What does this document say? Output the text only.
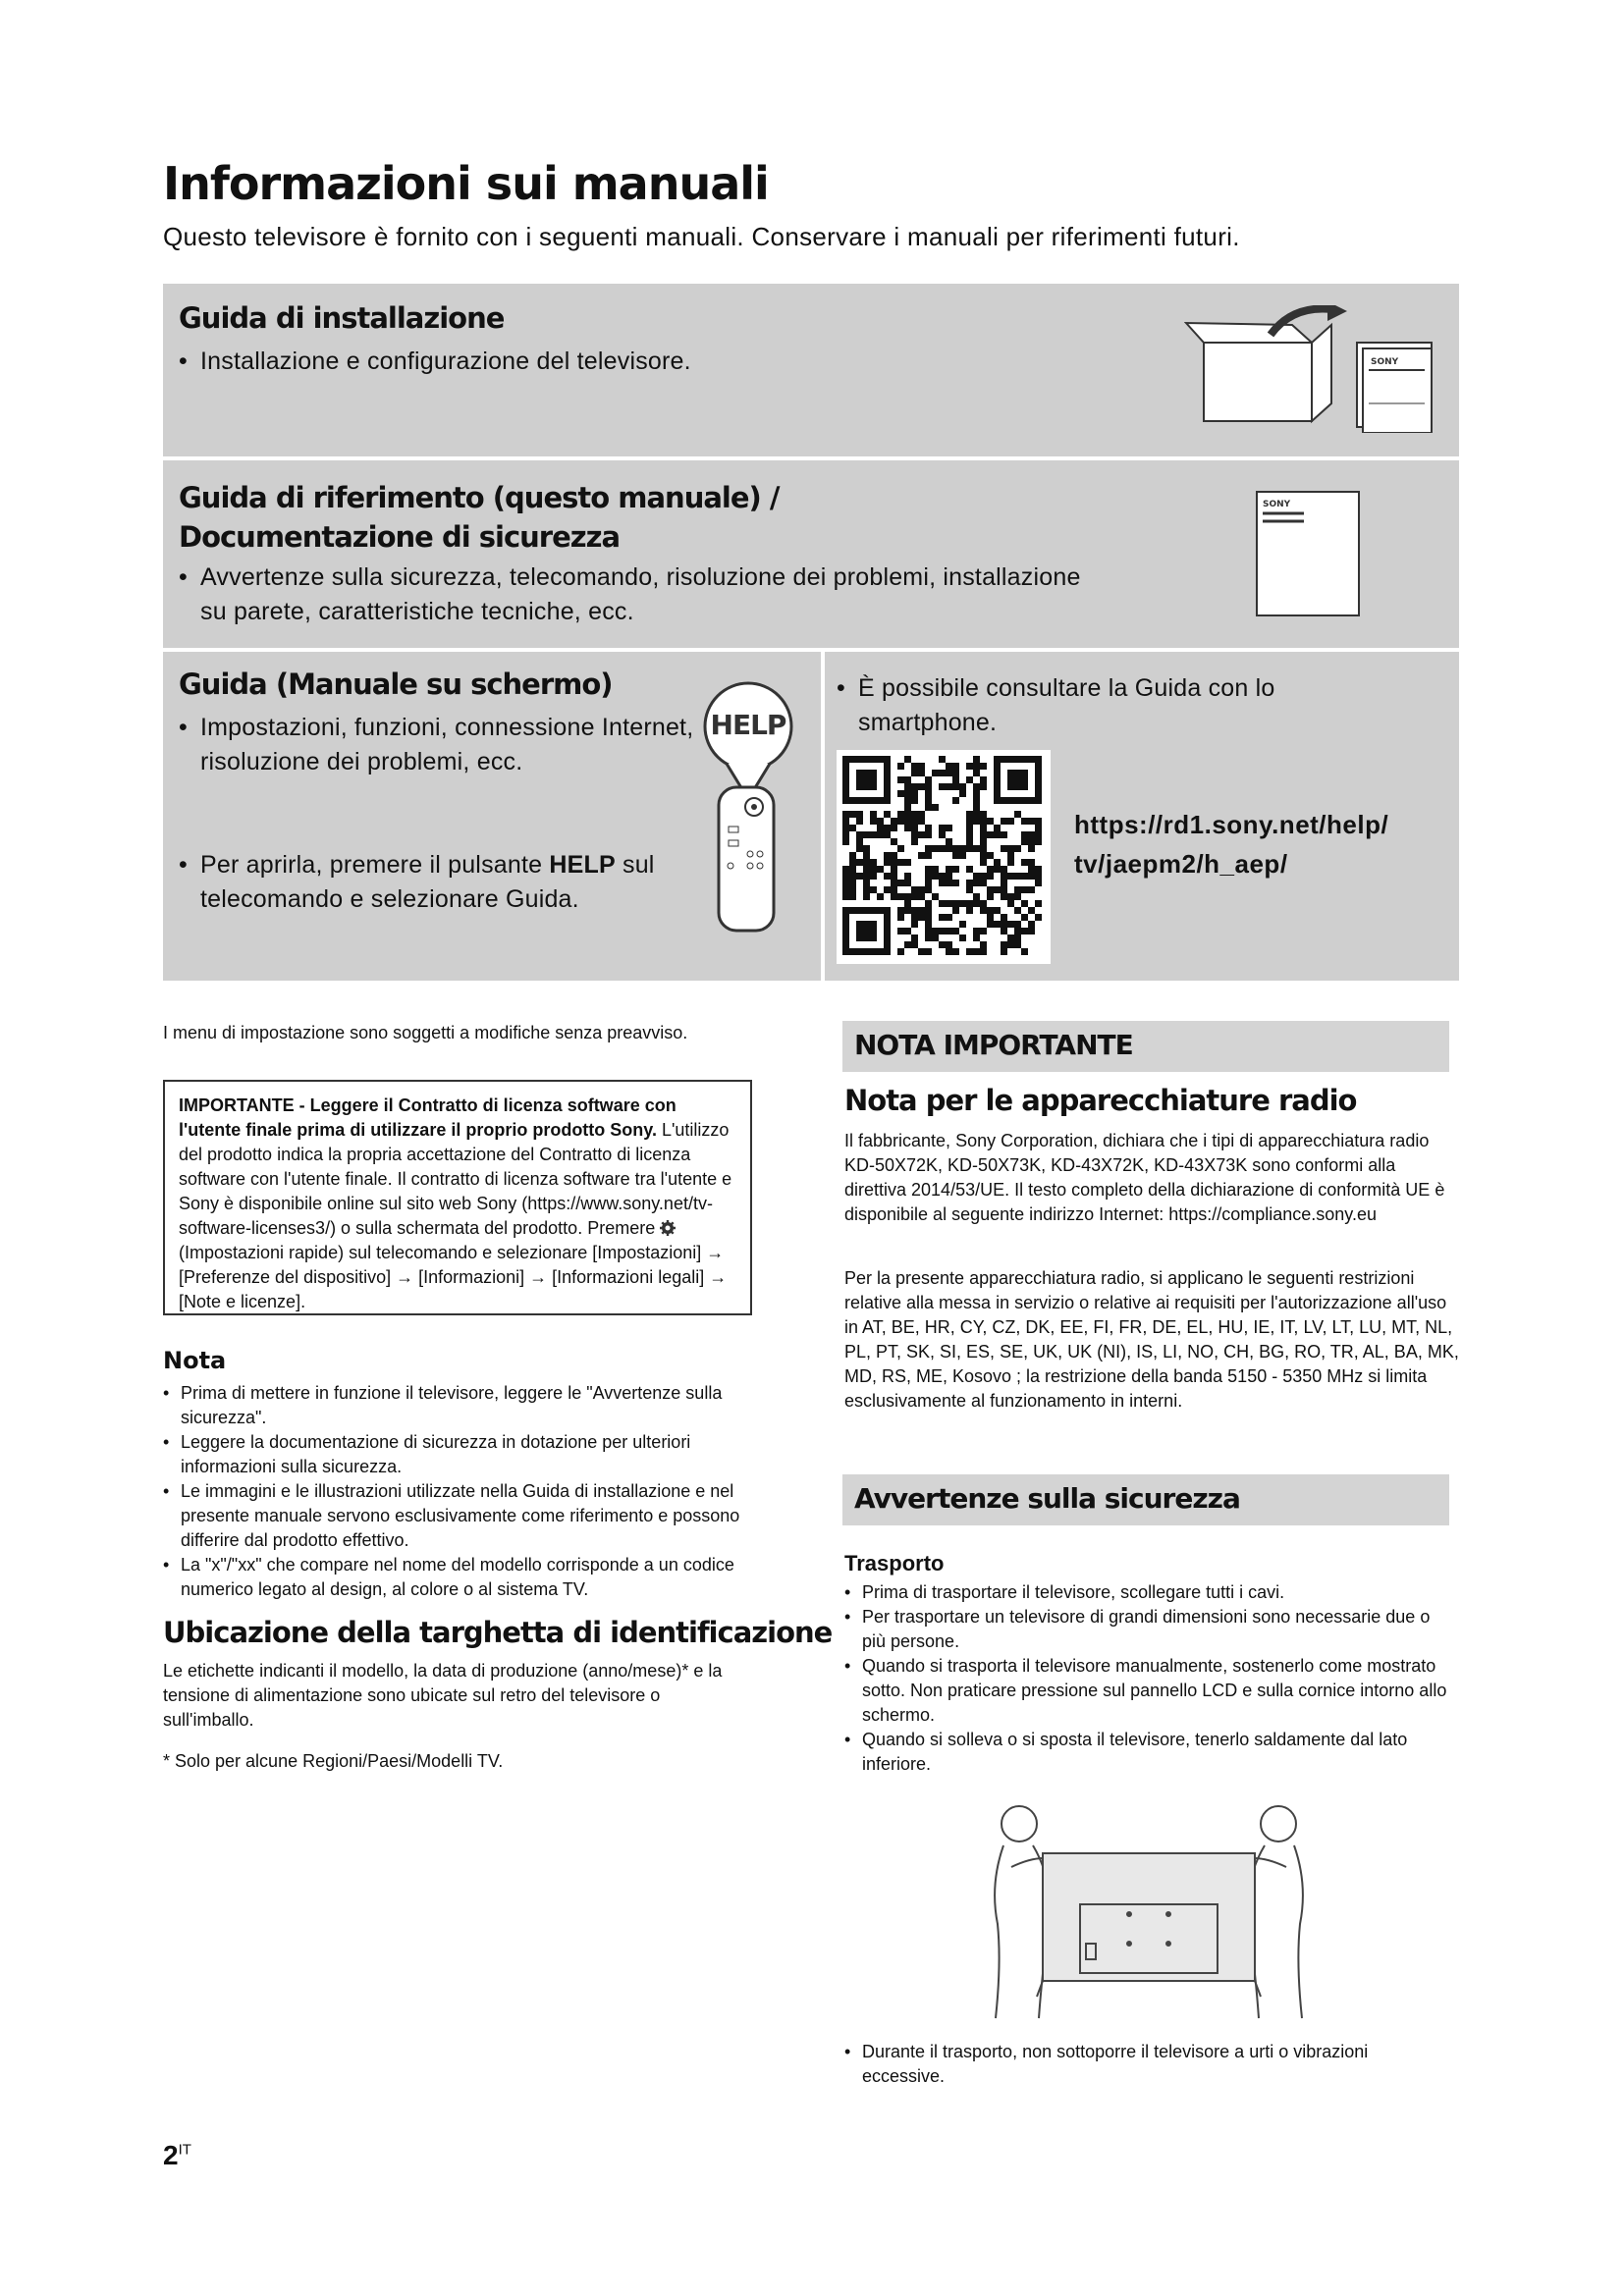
Informazioni sui manuali
Questo televisore è fornito con i seguenti manuali. Conservare i manuali per riferimenti futuri.
Guida di installazione
• Installazione e configurazione del televisore.	SONY
Guida di riferimento (questo manuale) / Documentazione di sicurezza
• Avvertenze sulla sicurezza, telecomando, risoluzione dei problemi, installazione su parete, caratteristiche tecniche, ecc.
SONY
Guida (Manuale su schermo)
• Impostazioni, funzioni, connessione Internet, risoluzione dei problemi, ecc.
• Per aprirla, premere il pulsante HELP sul telecomando e selezionare Guida.
HELP
• È possibile consultare la Guida con lo smartphone.
https://rd1.sony.net/help/
tv/jaepm2/h_aep/
I menu di impostazione sono soggetti a modifiche senza preavviso.
IMPORTANTE - Leggere il Contratto di licenza software con l'utente finale prima di utilizzare il proprio prodotto Sony. L'utilizzo del prodotto indica la propria accettazione del Contratto di licenza software con l'utente finale. Il contratto di licenza software tra l'utente e Sony è disponibile online sul sito web Sony (https://www.sony.net/tv-software-licenses3/) o sulla schermata del prodotto. Premere (Impostazioni rapide) sul telecomando e selezionare [Impostazioni] → [Preferenze del dispositivo] → [Informazioni] → [Informazioni legali] → [Note e licenze].
Nota
• Prima di mettere in funzione il televisore, leggere le "Avvertenze sulla sicurezza".
• Leggere la documentazione di sicurezza in dotazione per ulteriori informazioni sulla sicurezza.
• Le immagini e le illustrazioni utilizzate nella Guida di installazione e nel presente manuale servono esclusivamente come riferimento e possono differire dal prodotto effettivo.
• La "x"/"xx" che compare nel nome del modello corrisponde a un codice numerico legato al design, al colore o al sistema TV.
Ubicazione della targhetta di identificazione
Le etichette indicanti il modello, la data di produzione (anno/mese)* e la tensione di alimentazione sono ubicate sul retro del televisore o sull'imballo.
* Solo per alcune Regioni/Paesi/Modelli TV.
NOTA IMPORTANTE
Nota per le apparecchiature radio
Il fabbricante, Sony Corporation, dichiara che i tipi di apparecchiatura radio KD-50X72K, KD-50X73K, KD-43X72K, KD-43X73K sono conformi alla direttiva 2014/53/UE. Il testo completo della dichiarazione di conformità UE è disponibile al seguente indirizzo Internet: https://compliance.sony.eu
Per la presente apparecchiatura radio, si applicano le seguenti restrizioni relative alla messa in servizio o relative ai requisiti per l'autorizzazione all'uso in AT, BE, HR, CY, CZ, DK, EE, FI, FR, DE, EL, HU, IE, IT, LV, LT, LU, MT, NL, PL, PT, SK, SI, ES, SE, UK, UK (NI), IS, LI, NO, CH, BG, RO, TR, AL, BA, MK, MD, RS, ME, Kosovo ; la restrizione della banda 5150 - 5350 MHz si limita esclusivamente al funzionamento in interni.
Avvertenze sulla sicurezza
Trasporto
• Prima di trasportare il televisore, scollegare tutti i cavi.
• Per trasportare un televisore di grandi dimensioni sono necessarie due o più persone.
• Quando si trasporta il televisore manualmente, sostenerlo come mostrato sotto. Non praticare pressione sul pannello LCD e sulla cornice intorno allo schermo.
• Quando si solleva o si sposta il televisore, tenerlo saldamente dal lato inferiore.
• Durante il trasporto, non sottoporre il televisore a urti o vibrazioni eccessive.
$2^{IT}$
